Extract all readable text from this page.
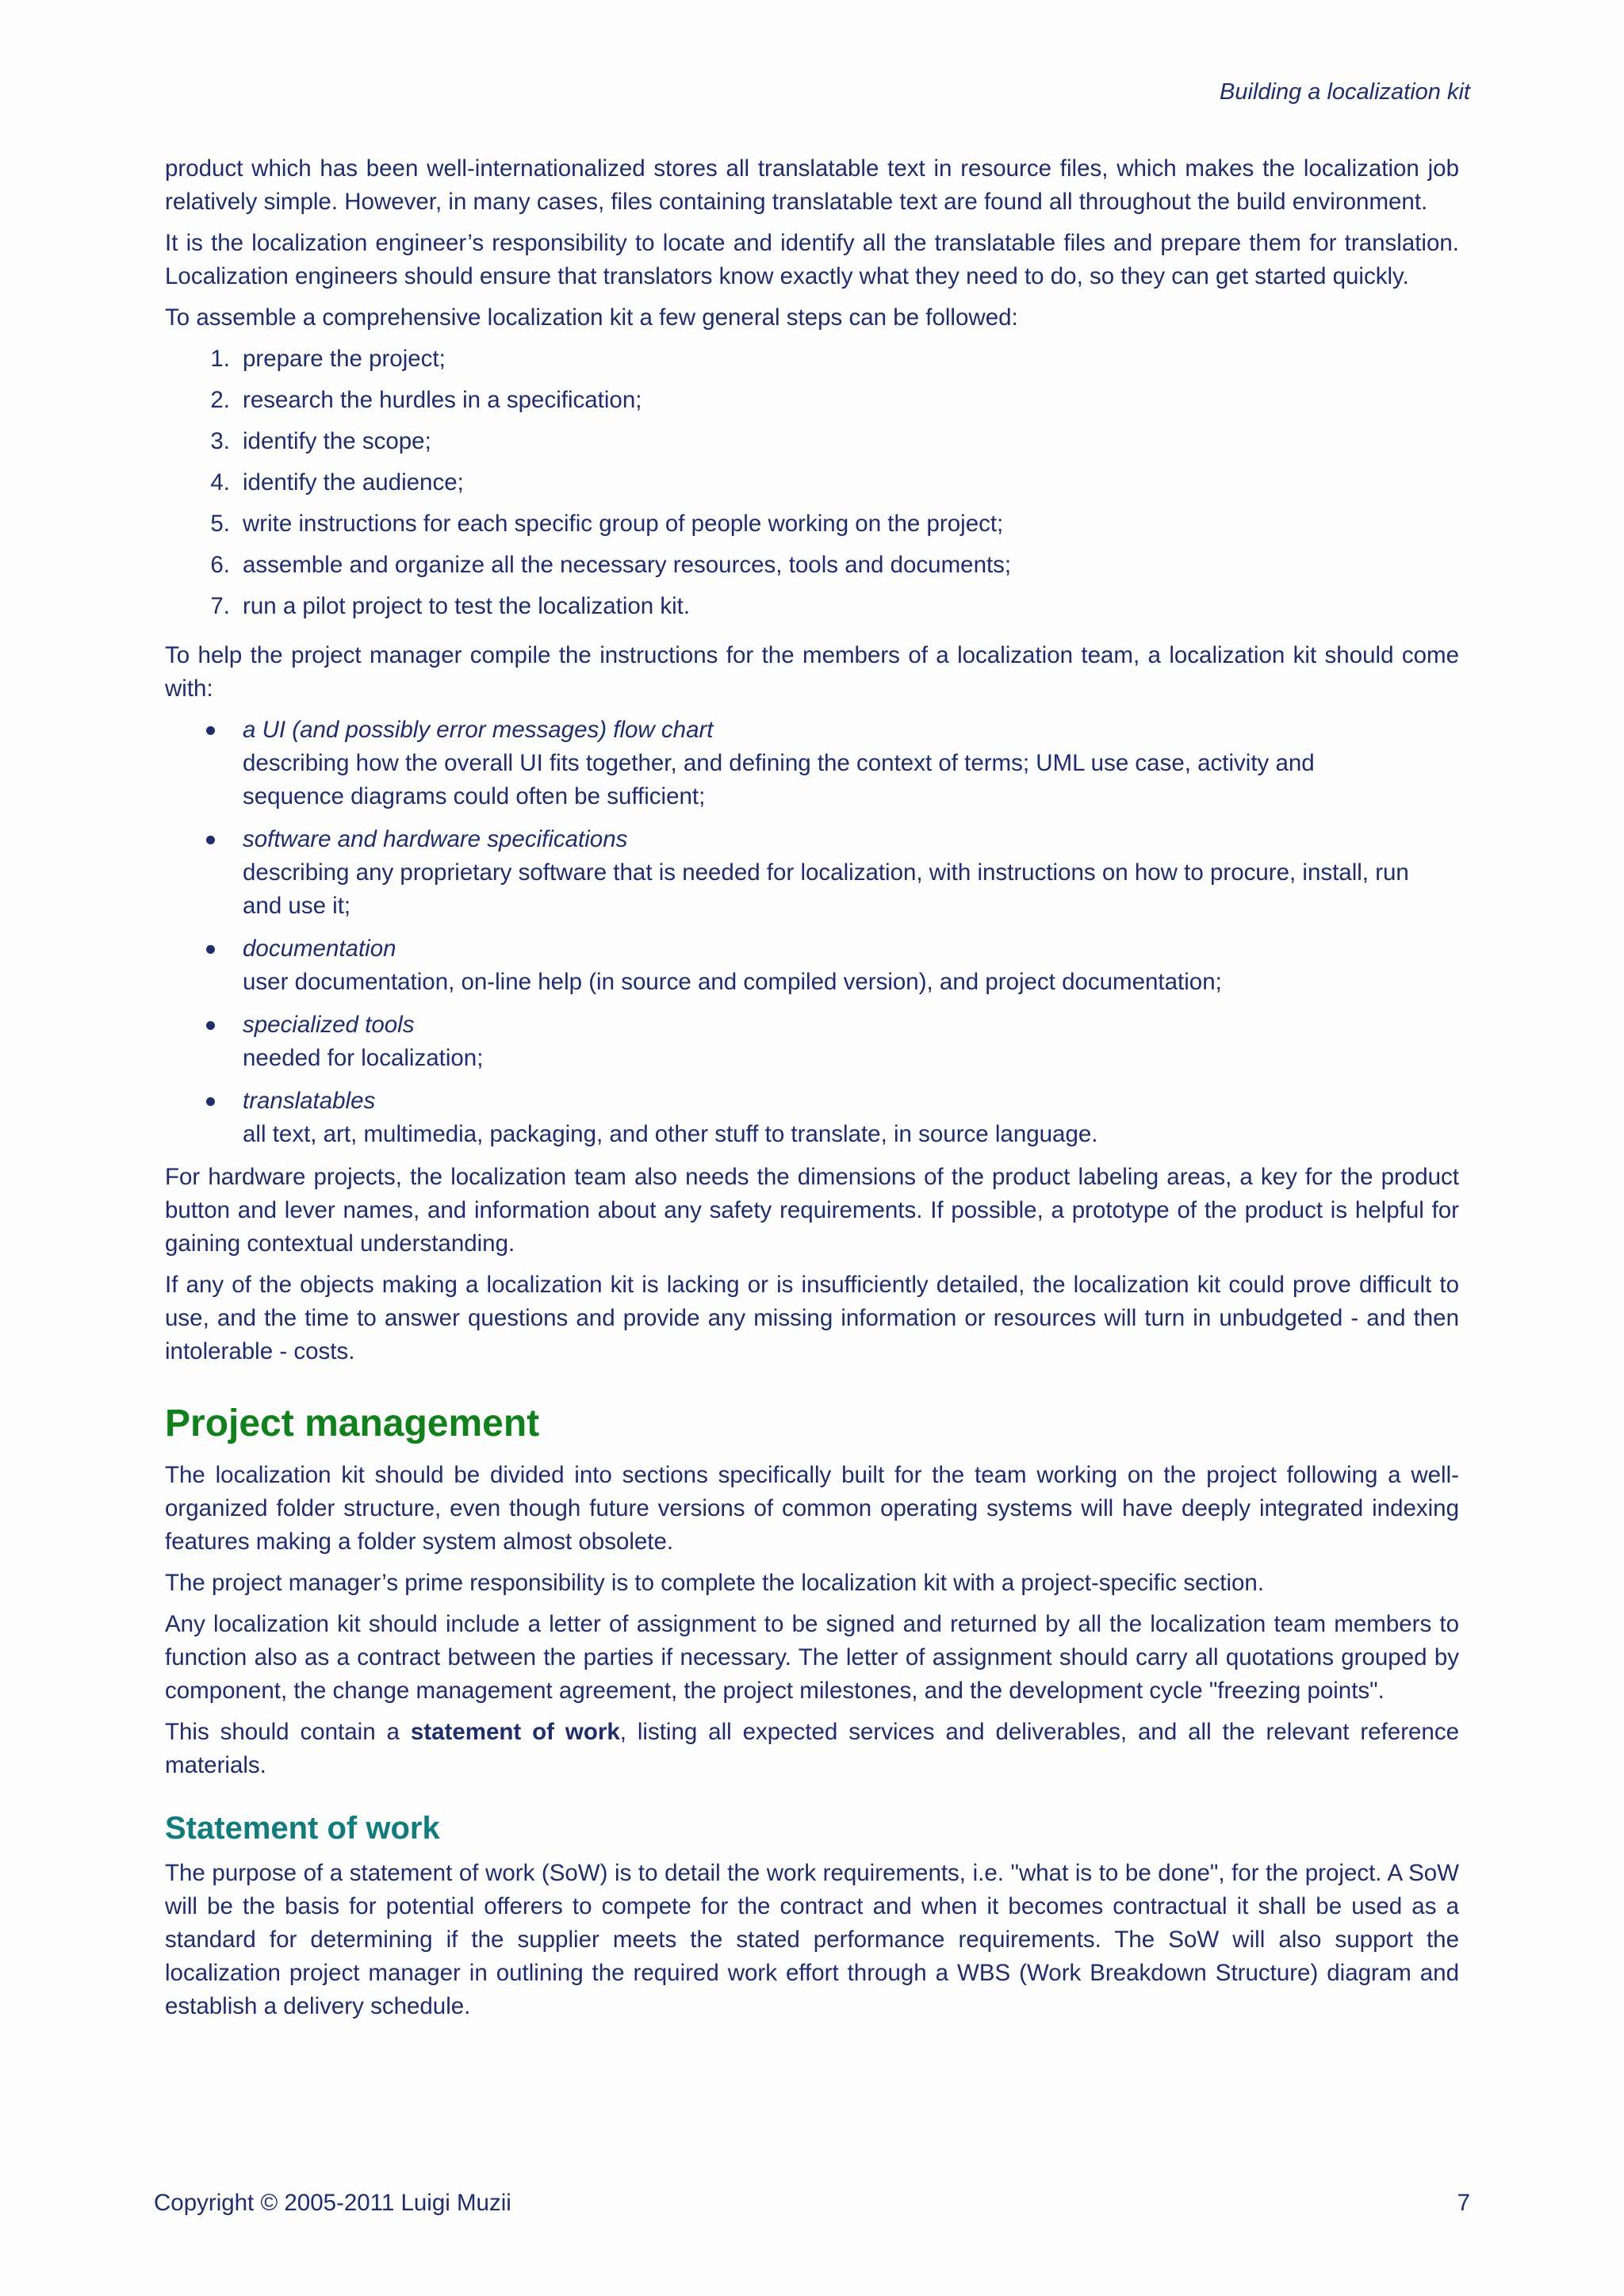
Building a localization kit

product which has been well-internationalized stores all translatable text in resource files, which makes the localization job relatively simple. However, in many cases, files containing translatable text are found all throughout the build environment.

It is the localization engineer’s responsibility to locate and identify all the translatable files and prepare them for translation. Localization engineers should ensure that translators know exactly what they need to do, so they can get started quickly.

To assemble a comprehensive localization kit a few general steps can be followed:

1. prepare the project;
2. research the hurdles in a specification;
3. identify the scope;
4. identify the audience;
5. write instructions for each specific group of people working on the project;
6. assemble and organize all the necessary resources, tools and documents;
7. run a pilot project to test the localization kit.

To help the project manager compile the instructions for the members of a localization team, a localization kit should come with:

a UI (and possibly error messages) flow chart
describing how the overall UI fits together, and defining the context of terms; UML use case, activity and sequence diagrams could often be sufficient;
software and hardware specifications
describing any proprietary software that is needed for localization, with instructions on how to procure, install, run and use it;
documentation
user documentation, on-line help (in source and compiled version), and project documentation;
specialized tools
needed for localization;
translatables
all text, art, multimedia, packaging, and other stuff to translate, in source language.

For hardware projects, the localization team also needs the dimensions of the product labeling areas, a key for the product button and lever names, and information about any safety requirements. If possible, a prototype of the product is helpful for gaining contextual understanding.

If any of the objects making a localization kit is lacking or is insufficiently detailed, the localization kit could prove difficult to use, and the time to answer questions and provide any missing information or resources will turn in unbudgeted - and then intolerable - costs.

Project management

The localization kit should be divided into sections specifically built for the team working on the project following a well-organized folder structure, even though future versions of common operating systems will have deeply integrated indexing features making a folder system almost obsolete.

The project manager’s prime responsibility is to complete the localization kit with a project-specific section.

Any localization kit should include a letter of assignment to be signed and returned by all the localization team members to function also as a contract between the parties if necessary. The letter of assignment should carry all quotations grouped by component, the change management agreement, the project milestones, and the development cycle "freezing points".

This should contain a statement of work, listing all expected services and deliverables, and all the relevant reference materials.

Statement of work

The purpose of a statement of work (SoW) is to detail the work requirements, i.e. "what is to be done", for the project. A SoW will be the basis for potential offerers to compete for the contract and when it becomes contractual it shall be used as a standard for determining if the supplier meets the stated performance requirements. The SoW will also support the localization project manager in outlining the required work effort through a WBS (Work Breakdown Structure) diagram and establish a delivery schedule.

Copyright © 2005-2011 Luigi Muzii	7
